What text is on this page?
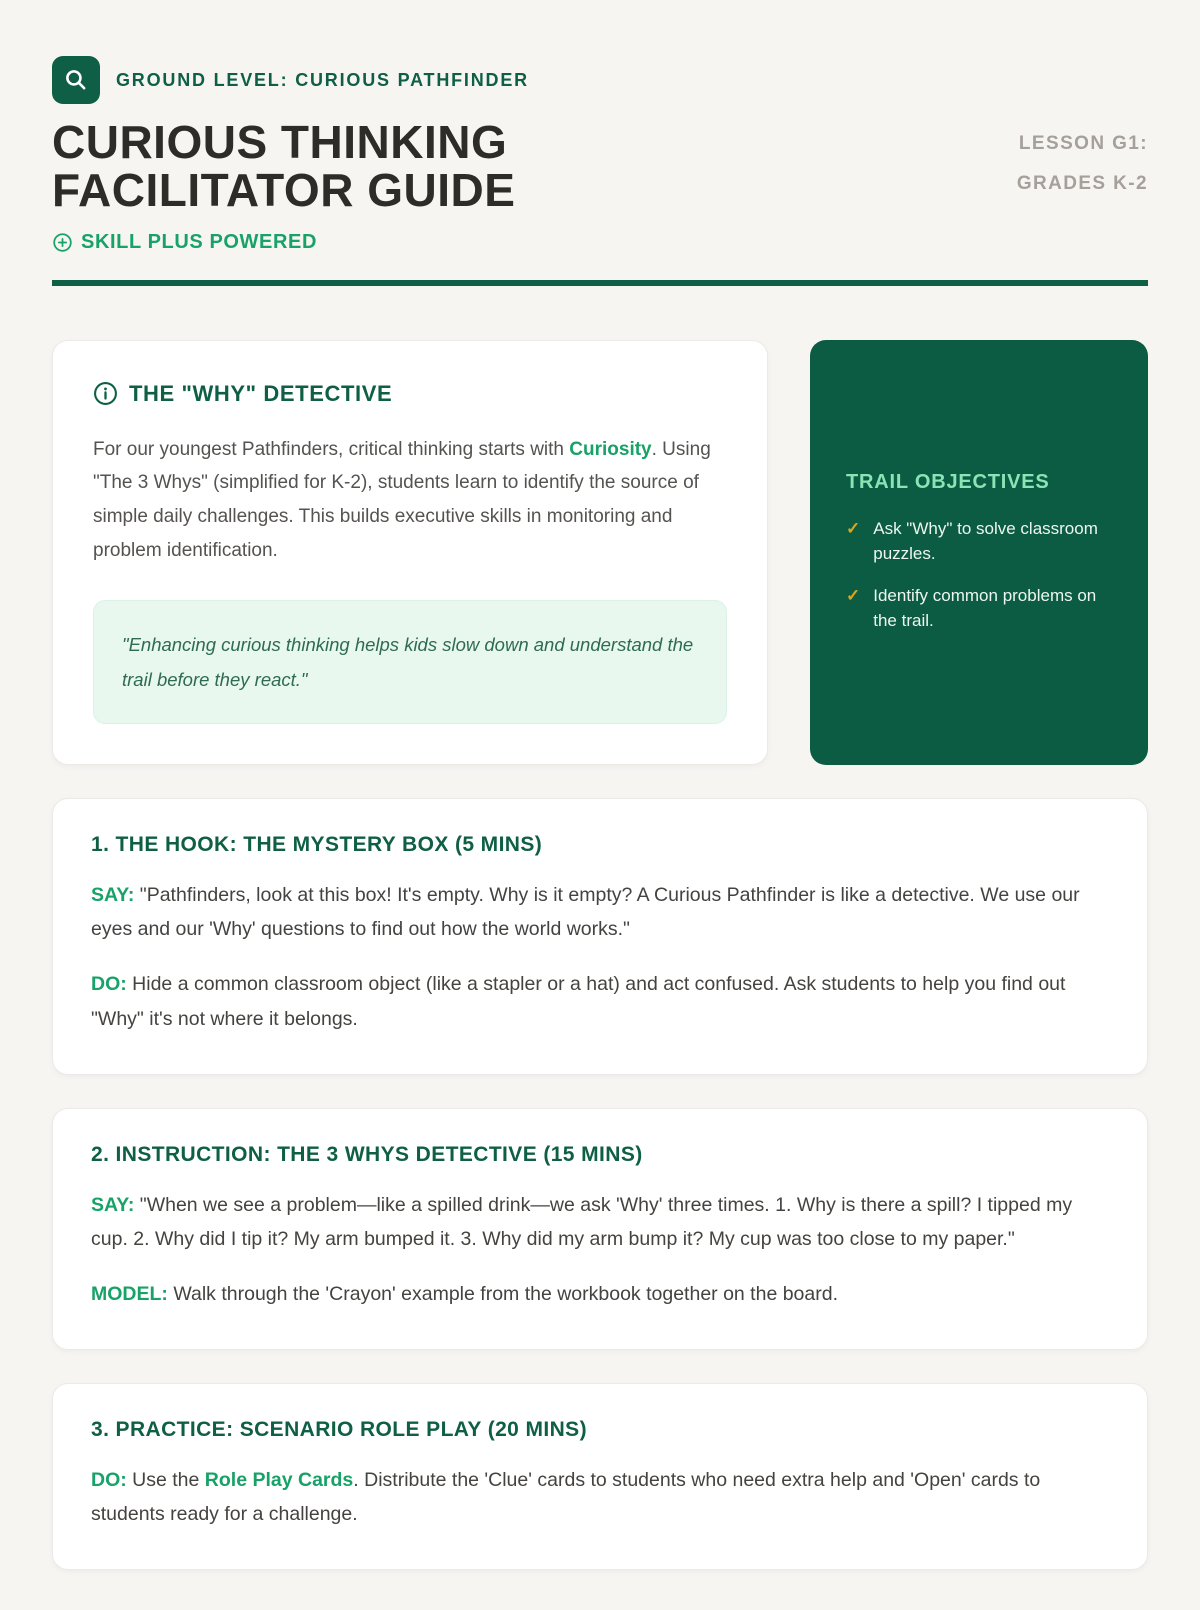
GROUND LEVEL: CURIOUS PATHFINDER
CURIOUS THINKING
FACILITATOR GUIDE
LESSON G1:
GRADES K-2
SKILL PLUS POWERED
THE "WHY" DETECTIVE

For our youngest Pathfinders, critical thinking starts with Curiosity. Using "The 3 Whys" (simplified for K-2), students learn to identify the source of simple daily challenges. This builds executive skills in monitoring and problem identification.

"Enhancing curious thinking helps kids slow down and understand the trail before they react."

TRAIL OBJECTIVES
✓ Ask "Why" to solve classroom puzzles.
✓ Identify common problems on the trail.
1. THE HOOK: THE MYSTERY BOX (5 MINS)

SAY: "Pathfinders, look at this box! It's empty. Why is it empty? A Curious Pathfinder is like a detective. We use our eyes and our 'Why' questions to find out how the world works."

DO: Hide a common classroom object (like a stapler or a hat) and act confused. Ask students to help you find out "Why" it's not where it belongs.

2. INSTRUCTION: THE 3 WHYS DETECTIVE (15 MINS)

SAY: "When we see a problem—like a spilled drink—we ask 'Why' three times. 1. Why is there a spill? I tipped my cup. 2. Why did I tip it? My arm bumped it. 3. Why did my arm bump it? My cup was too close to my paper."

MODEL: Walk through the 'Crayon' example from the workbook together on the board.

3. PRACTICE: SCENARIO ROLE PLAY (20 MINS)

DO: Use the Role Play Cards. Distribute the 'Clue' cards to students who need extra help and 'Open' cards to students ready for a challenge.
